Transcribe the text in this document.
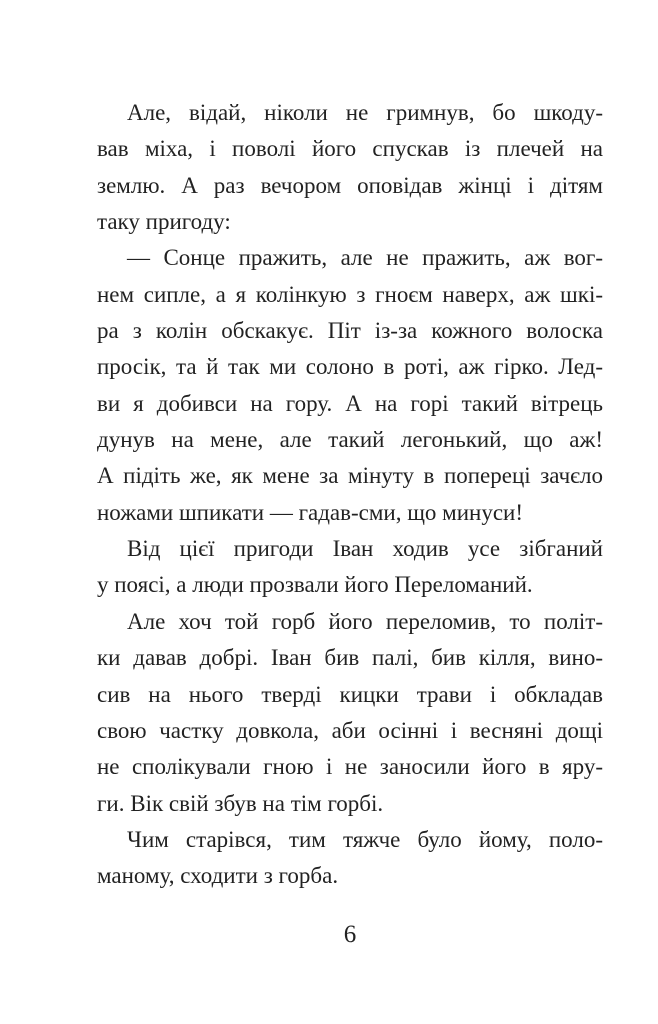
Але, відай, ніколи не гримнув, бо шкоду-
вав міха, і поволі його спускав із плечей на
землю. А раз вечором оповідав жінці і дітям
таку пригоду:
— Сонце пражить, але не пражить, аж вог-
нем сипле, а я колінкую з гноєм наверх, аж шкі-
ра з колін обскакує. Піт із-за кожного волоска
просік, та й так ми солоно в роті, аж гірко. Лед-
ви я добивси на гору. А на горі такий вітрець
дунув на мене, але такий легонький, що аж!
А підіть же, як мене за мінуту в попереці зачєло
ножами шпикати — гадав-сми, що минуси!
Від цієї пригоди Іван ходив усе зібганий
у поясі, а люди прозвали його Переломаний.
Але хоч той горб його переломив, то політ-
ки давав добрі. Іван бив палі, бив кілля, вино-
сив на нього тверді кицки трави і обкладав
свою частку довкола, аби осінні і весняні дощі
не сполікували гною і не заносили його в яру-
ги. Вік свій збув на тім горбі.
Чим старівся, тим тяжче було йому, поло-
маному, сходити з горба.
6
